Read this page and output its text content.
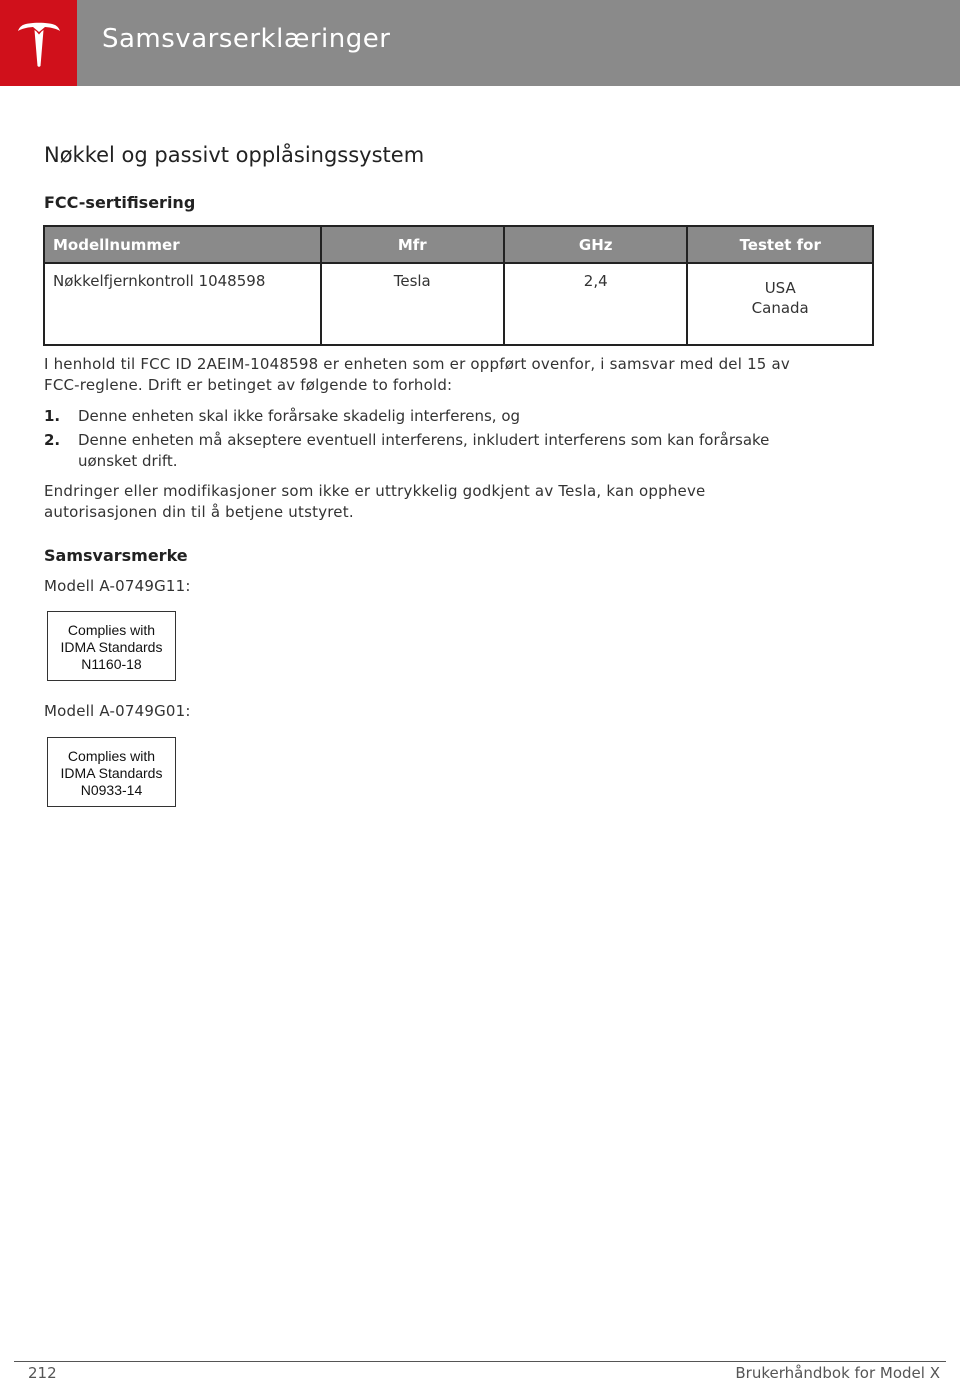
Samsvarserklæringer
Nøkkel og passivt opplåsingssystem
FCC-sertifisering
Modellnummer	Mfr	GHz	Testet for
Nøkkelfjernkontroll 1048598	Tesla	2,4	USA
Canada
I henhold til FCC ID 2AEIM-1048598 er enheten som er oppført ovenfor, i samsvar med del 15 av
FCC-reglene. Drift er betinget av følgende to forhold:
1. Denne enheten skal ikke forårsake skadelig interferens, og
2. Denne enheten må akseptere eventuell interferens, inkludert interferens som kan forårsake
uønsket drift.
Endringer eller modifikasjoner som ikke er uttrykkelig godkjent av Tesla, kan oppheve
autorisasjonen din til å betjene utstyret.
Samsvarsmerke
Modell A-0749G11:
Complies with
IDMA Standards
N1160-18
Modell A-0749G01:
Complies with
IDMA Standards
N0933-14
212	Brukerhåndbok for Model X
